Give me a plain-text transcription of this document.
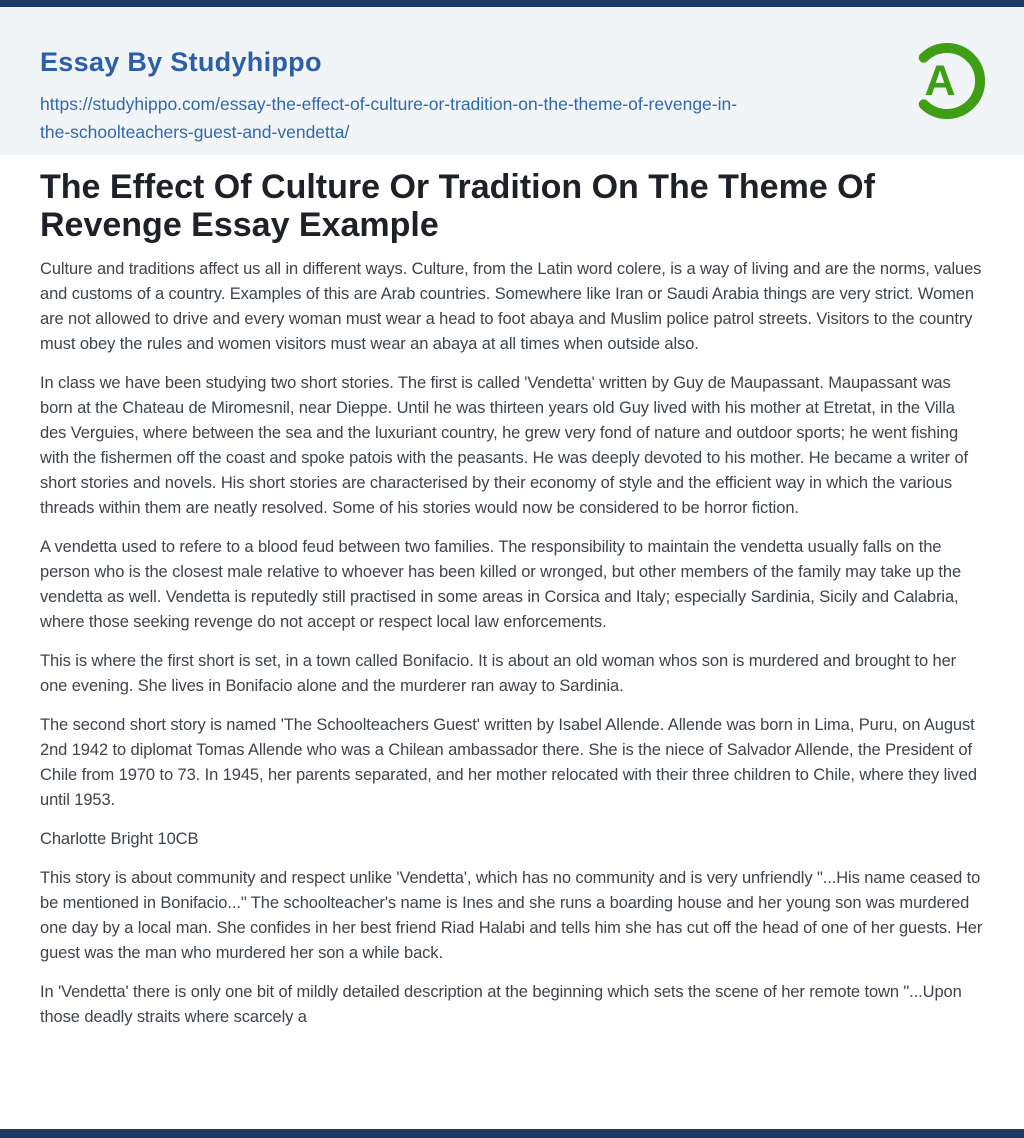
Essay By Studyhippo
https://studyhippo.com/essay-the-effect-of-culture-or-tradition-on-the-theme-of-revenge-in-
the-schoolteachers-guest-and-vendetta/
A
The Effect Of Culture Or Tradition On The Theme Of Revenge Essay Example

Culture and traditions affect us all in different ways. Culture, from the Latin word colere, is a way of living and are the norms, values and customs of a country. Examples of this are Arab countries. Somewhere like Iran or Saudi Arabia things are very strict. Women are not allowed to drive and every woman must wear a head to foot abaya and Muslim police patrol streets. Visitors to the country must obey the rules and women visitors must wear an abaya at all times when outside also.

In class we have been studying two short stories. The first is called 'Vendetta' written by Guy de Maupassant. Maupassant was born at the Chateau de Miromesnil, near Dieppe. Until he was thirteen years old Guy lived with his mother at Etretat, in the Villa des Verguies, where between the sea and the luxuriant country, he grew very fond of nature and outdoor sports; he went fishing with the fishermen off the coast and spoke patois with the peasants. He was deeply devoted to his mother. He became a writer of short stories and novels. His short stories are characterised by their economy of style and the efficient way in which the various threads within them are neatly resolved. Some of his stories would now be considered to be horror fiction.

A vendetta used to refere to a blood feud between two families. The responsibility to maintain the vendetta usually falls on the person who is the closest male relative to whoever has been killed or wronged, but other members of the family may take up the vendetta as well. Vendetta is reputedly still practised in some areas in Corsica and Italy; especially Sardinia, Sicily and Calabria, where those seeking revenge do not accept or respect local law enforcements.

This is where the first short is set, in a town called Bonifacio. It is about an old woman whos son is murdered and brought to her one evening. She lives in Bonifacio alone and the murderer ran away to Sardinia.

The second short story is named 'The Schoolteachers Guest' written by Isabel Allende. Allende was born in Lima, Puru, on August 2nd 1942 to diplomat Tomas Allende who was a Chilean ambassador there. She is the niece of Salvador Allende, the President of Chile from 1970 to 73. In 1945, her parents separated, and her mother relocated with their three children to Chile, where they lived until 1953.

Charlotte Bright 10CB

This story is about community and respect unlike 'Vendetta', which has no community and is very unfriendly "...His name ceased to be mentioned in Bonifacio..." The schoolteacher's name is Ines and she runs a boarding house and her young son was murdered one day by a local man. She confides in her best friend Riad Halabi and tells him she has cut off the head of one of her guests. Her guest was the man who murdered her son a while back.

In 'Vendetta' there is only one bit of mildly detailed description at the beginning which sets the scene of her remote town "...Upon those deadly straits where scarcely a
